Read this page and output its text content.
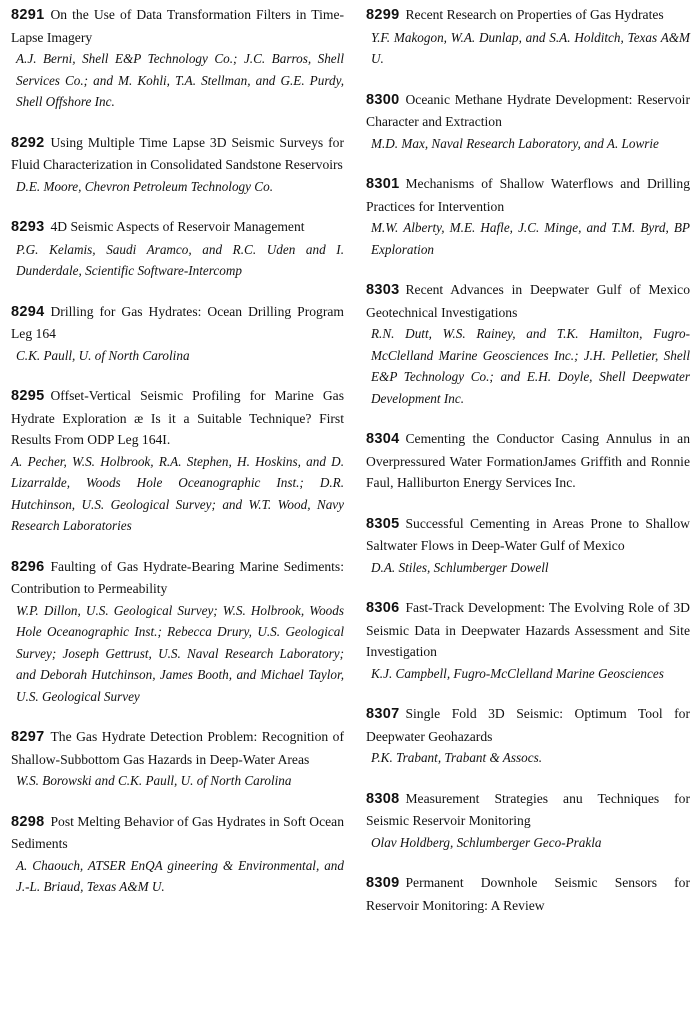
8291 On the Use of Data Transformation Filters in Time-Lapse Imagery
A.J. Berni, Shell E&P Technology Co.; J.C. Barros, Shell Services Co.; and M. Kohli, T.A. Stellman, and G.E. Purdy, Shell Offshore Inc.
8292 Using Multiple Time Lapse 3D Seismic Surveys for Fluid Characterization in Consolidated Sandstone Reservoirs
D.E. Moore, Chevron Petroleum Technology Co.
8293 4D Seismic Aspects of Reservoir Management
P.G. Kelamis, Saudi Aramco, and R.C. Uden and I. Dunderdale, Scientific Software-Intercomp
8294 Drilling for Gas Hydrates: Ocean Drilling Program Leg 164
C.K. Paull, U. of North Carolina
8295 Offset-Vertical Seismic Profiling for Marine Gas Hydrate Exploration æ Is it a Suitable Technique? First Results From ODP Leg 164I.
A. Pecher, W.S. Holbrook, R.A. Stephen, H. Hoskins, and D. Lizarralde, Woods Hole Oceanographic Inst.; D.R. Hutchinson, U.S. Geological Survey; and W.T. Wood, Navy Research Laboratories
8296 Faulting of Gas Hydrate-Bearing Marine Sediments: Contribution to Permeability
W.P. Dillon, U.S. Geological Survey; W.S. Holbrook, Woods Hole Oceanographic Inst.; Rebecca Drury, U.S. Geological Survey; Joseph Gettrust, U.S. Naval Research Laboratory; and Deborah Hutchinson, James Booth, and Michael Taylor, U.S. Geological Survey
8297 The Gas Hydrate Detection Problem: Recognition of Shallow-Subbottom Gas Hazards in Deep-Water Areas
W.S. Borowski and C.K. Paull, U. of North Carolina
8298 Post Melting Behavior of Gas Hydrates in Soft Ocean Sediments
A. Chaouch, ATSER EnQA gineering & Environmental, and J.-L. Briaud, Texas A&M U.
8299 Recent Research on Properties of Gas Hydrates
Y.F. Makogon, W.A. Dunlap, and S.A. Holditch, Texas A&M U.
8300 Oceanic Methane Hydrate Development: Reservoir Character and Extraction
M.D. Max, Naval Research Laboratory, and A. Lowrie
8301 Mechanisms of Shallow Waterflows and Drilling Practices for Intervention
M.W. Alberty, M.E. Hafle, J.C. Minge, and T.M. Byrd, BP Exploration
8303 Recent Advances in Deepwater Gulf of Mexico Geotechnical Investigations
R.N. Dutt, W.S. Rainey, and T.K. Hamilton, Fugro-McClelland Marine Geosciences Inc.; J.H. Pelletier, Shell E&P Technology Co.; and E.H. Doyle, Shell Deepwater Development Inc.
8304 Cementing the Conductor Casing Annulus in an Overpressured Water FormationJames Griffith and Ronnie Faul, Halliburton Energy Services Inc.
8305 Successful Cementing in Areas Prone to Shallow Saltwater Flows in Deep-Water Gulf of Mexico
D.A. Stiles, Schlumberger Dowell
8306 Fast-Track Development: The Evolving Role of 3D Seismic Data in Deepwater Hazards Assessment and Site Investigation
K.J. Campbell, Fugro-McClelland Marine Geosciences
8307 Single Fold 3D Seismic: Optimum Tool for Deepwater Geohazards
P.K. Trabant, Trabant & Assocs.
8308 Measurement Strategies anu Techniques for Seismic Reservoir Monitoring
Olav Holdberg, Schlumberger Geco-Prakla
8309 Permanent Downhole Seismic Sensors for Reservoir Monitoring: A Review
